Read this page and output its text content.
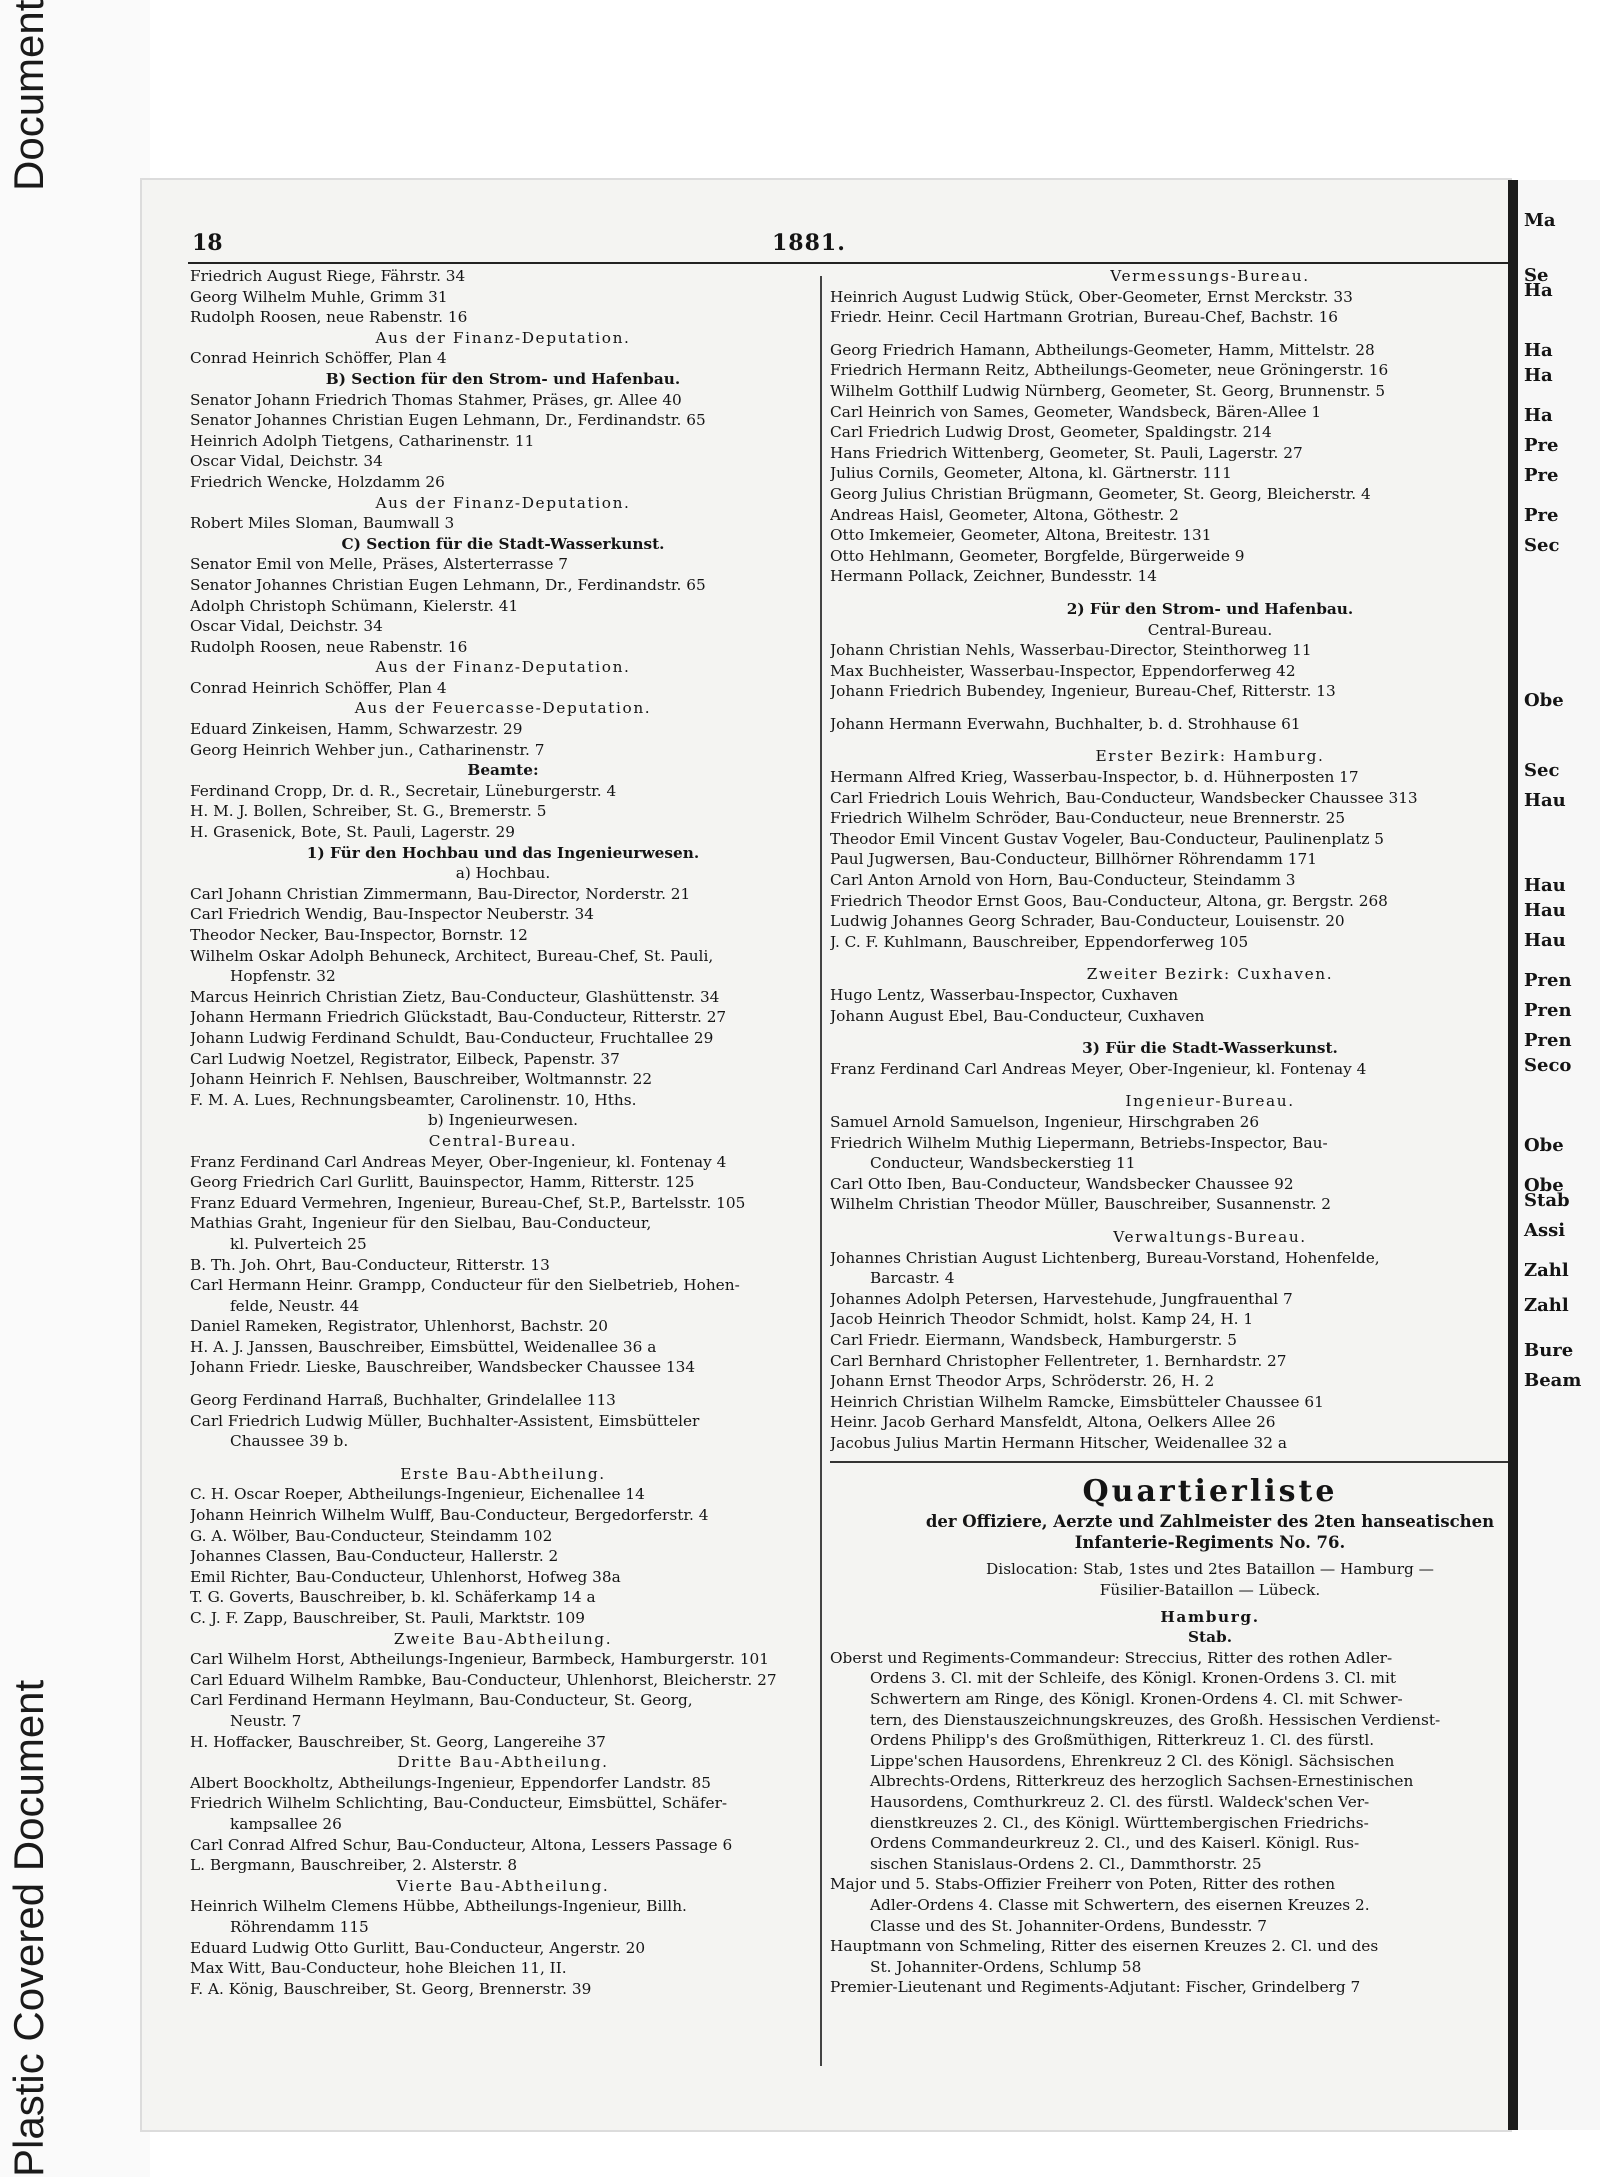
Plastic Covered Document
Document
18	1881.
Friedrich August Riege, Fährstr. 34
Georg Wilhelm Muhle, Grimm 31
Rudolph Roosen, neue Rabenstr. 16
Aus der Finanz-Deputation.
Conrad Heinrich Schöffer, Plan 4
B) Section für den Strom- und Hafenbau.
Senator Johann Friedrich Thomas Stahmer, Präses, gr. Allee 40
Senator Johannes Christian Eugen Lehmann, Dr., Ferdinandstr. 65
Heinrich Adolph Tietgens, Catharinenstr. 11
Oscar Vidal, Deichstr. 34
Friedrich Wencke, Holzdamm 26
Aus der Finanz-Deputation.
Robert Miles Sloman, Baumwall 3
C) Section für die Stadt-Wasserkunst.
Senator Emil von Melle, Präses, Alsterterrasse 7
Senator Johannes Christian Eugen Lehmann, Dr., Ferdinandstr. 65
Adolph Christoph Schümann, Kielerstr. 41
Oscar Vidal, Deichstr. 34
Rudolph Roosen, neue Rabenstr. 16
Aus der Finanz-Deputation.
Conrad Heinrich Schöffer, Plan 4
Aus der Feuercasse-Deputation.
Eduard Zinkeisen, Hamm, Schwarzestr. 29
Georg Heinrich Wehber jun., Catharinenstr. 7
Beamte:
Ferdinand Cropp, Dr. d. R., Secretair, Lüneburgerstr. 4
H. M. J. Bollen, Schreiber, St. G., Bremerstr. 5
H. Grasenick, Bote, St. Pauli, Lagerstr. 29
1) Für den Hochbau und das Ingenieurwesen.
a) Hochbau.
Carl Johann Christian Zimmermann, Bau-Director, Norderstr. 21
Carl Friedrich Wendig, Bau-Inspector Neuberstr. 34
Theodor Necker, Bau-Inspector, Bornstr. 12
Wilhelm Oskar Adolph Behuneck, Architect, Bureau-Chef, St. Pauli,
Hopfenstr. 32
Marcus Heinrich Christian Zietz, Bau-Conducteur, Glashüttenstr. 34
Johann Hermann Friedrich Glückstadt, Bau-Conducteur, Ritterstr. 27
Johann Ludwig Ferdinand Schuldt, Bau-Conducteur, Fruchtallee 29
Carl Ludwig Noetzel, Registrator, Eilbeck, Papenstr. 37
Johann Heinrich F. Nehlsen, Bauschreiber, Woltmannstr. 22
F. M. A. Lues, Rechnungsbeamter, Carolinenstr. 10, Hths.
b) Ingenieurwesen.
Central-Bureau.
Franz Ferdinand Carl Andreas Meyer, Ober-Ingenieur, kl. Fontenay 4
Georg Friedrich Carl Gurlitt, Bauinspector, Hamm, Ritterstr. 125
Franz Eduard Vermehren, Ingenieur, Bureau-Chef, St.P., Bartelsstr. 105
Mathias Graht, Ingenieur für den Sielbau, Bau-Conducteur,
kl. Pulverteich 25
B. Th. Joh. Ohrt, Bau-Conducteur, Ritterstr. 13
Carl Hermann Heinr. Grampp, Conducteur für den Sielbetrieb, Hohen-
felde, Neustr. 44
Daniel Rameken, Registrator, Uhlenhorst, Bachstr. 20
H. A. J. Janssen, Bauschreiber, Eimsbüttel, Weidenallee 36 a
Johann Friedr. Lieske, Bauschreiber, Wandsbecker Chaussee 134
Georg Ferdinand Harraß, Buchhalter, Grindelallee 113
Carl Friedrich Ludwig Müller, Buchhalter-Assistent, Eimsbütteler
Chaussee 39 b.
Erste Bau-Abtheilung.
C. H. Oscar Roeper, Abtheilungs-Ingenieur, Eichenallee 14
Johann Heinrich Wilhelm Wulff, Bau-Conducteur, Bergedorferstr. 4
G. A. Wölber, Bau-Conducteur, Steindamm 102
Johannes Classen, Bau-Conducteur, Hallerstr. 2
Emil Richter, Bau-Conducteur, Uhlenhorst, Hofweg 38a
T. G. Goverts, Bauschreiber, b. kl. Schäferkamp 14 a
C. J. F. Zapp, Bauschreiber, St. Pauli, Marktstr. 109
Zweite Bau-Abtheilung.
Carl Wilhelm Horst, Abtheilungs-Ingenieur, Barmbeck, Hamburgerstr. 101
Carl Eduard Wilhelm Rambke, Bau-Conducteur, Uhlenhorst, Bleicherstr. 27
Carl Ferdinand Hermann Heylmann, Bau-Conducteur, St. Georg,
Neustr. 7
H. Hoffacker, Bauschreiber, St. Georg, Langereihe 37
Dritte Bau-Abtheilung.
Albert Boockholtz, Abtheilungs-Ingenieur, Eppendorfer Landstr. 85
Friedrich Wilhelm Schlichting, Bau-Conducteur, Eimsbüttel, Schäfer-
kampsallee 26
Carl Conrad Alfred Schur, Bau-Conducteur, Altona, Lessers Passage 6
L. Bergmann, Bauschreiber, 2. Alsterstr. 8
Vierte Bau-Abtheilung.
Heinrich Wilhelm Clemens Hübbe, Abtheilungs-Ingenieur, Billh.
Röhrendamm 115
Eduard Ludwig Otto Gurlitt, Bau-Conducteur, Angerstr. 20
Max Witt, Bau-Conducteur, hohe Bleichen 11, II.
F. A. König, Bauschreiber, St. Georg, Brennerstr. 39
Vermessungs-Bureau.
Heinrich August Ludwig Stück, Ober-Geometer, Ernst Merckstr. 33
Friedr. Heinr. Cecil Hartmann Grotrian, Bureau-Chef, Bachstr. 16
Georg Friedrich Hamann, Abtheilungs-Geometer, Hamm, Mittelstr. 28
Friedrich Hermann Reitz, Abtheilungs-Geometer, neue Gröningerstr. 16
Wilhelm Gotthilf Ludwig Nürnberg, Geometer, St. Georg, Brunnenstr. 5
Carl Heinrich von Sames, Geometer, Wandsbeck, Bären-Allee 1
Carl Friedrich Ludwig Drost, Geometer, Spaldingstr. 214
Hans Friedrich Wittenberg, Geometer, St. Pauli, Lagerstr. 27
Julius Cornils, Geometer, Altona, kl. Gärtnerstr. 111
Georg Julius Christian Brügmann, Geometer, St. Georg, Bleicherstr. 4
Andreas Haisl, Geometer, Altona, Göthestr. 2
Otto Imkemeier, Geometer, Altona, Breitestr. 131
Otto Hehlmann, Geometer, Borgfelde, Bürgerweide 9
Hermann Pollack, Zeichner, Bundesstr. 14
2) Für den Strom- und Hafenbau.
Central-Bureau.
Johann Christian Nehls, Wasserbau-Director, Steinthorweg 11
Max Buchheister, Wasserbau-Inspector, Eppendorferweg 42
Johann Friedrich Bubendey, Ingenieur, Bureau-Chef, Ritterstr. 13
Johann Hermann Everwahn, Buchhalter, b. d. Strohhause 61
Erster Bezirk: Hamburg.
Hermann Alfred Krieg, Wasserbau-Inspector, b. d. Hühnerposten 17
Carl Friedrich Louis Wehrich, Bau-Conducteur, Wandsbecker Chaussee 313
Friedrich Wilhelm Schröder, Bau-Conducteur, neue Brennerstr. 25
Theodor Emil Vincent Gustav Vogeler, Bau-Conducteur, Paulinenplatz 5
Paul Jugwersen, Bau-Conducteur, Billhörner Röhrendamm 171
Carl Anton Arnold von Horn, Bau-Conducteur, Steindamm 3
Friedrich Theodor Ernst Goos, Bau-Conducteur, Altona, gr. Bergstr. 268
Ludwig Johannes Georg Schrader, Bau-Conducteur, Louisenstr. 20
J. C. F. Kuhlmann, Bauschreiber, Eppendorferweg 105
Zweiter Bezirk: Cuxhaven.
Hugo Lentz, Wasserbau-Inspector, Cuxhaven
Johann August Ebel, Bau-Conducteur, Cuxhaven
3) Für die Stadt-Wasserkunst.
Franz Ferdinand Carl Andreas Meyer, Ober-Ingenieur, kl. Fontenay 4
Ingenieur-Bureau.
Samuel Arnold Samuelson, Ingenieur, Hirschgraben 26
Friedrich Wilhelm Muthig Liepermann, Betriebs-Inspector, Bau-
Conducteur, Wandsbeckerstieg 11
Carl Otto Iben, Bau-Conducteur, Wandsbecker Chaussee 92
Wilhelm Christian Theodor Müller, Bauschreiber, Susannenstr. 2
Verwaltungs-Bureau.
Johannes Christian August Lichtenberg, Bureau-Vorstand, Hohenfelde,
Barcastr. 4
Johannes Adolph Petersen, Harvestehude, Jungfrauenthal 7
Jacob Heinrich Theodor Schmidt, holst. Kamp 24, H. 1
Carl Friedr. Eiermann, Wandsbeck, Hamburgerstr. 5
Carl Bernhard Christopher Fellentreter, 1. Bernhardstr. 27
Johann Ernst Theodor Arps, Schröderstr. 26, H. 2
Heinrich Christian Wilhelm Ramcke, Eimsbütteler Chaussee 61
Heinr. Jacob Gerhard Mansfeldt, Altona, Oelkers Allee 26
Jacobus Julius Martin Hermann Hitscher, Weidenallee 32 a
Quartierliste
der Offiziere, Aerzte und Zahlmeister des 2ten hanseatischen
Infanterie-Regiments No. 76.
Dislocation: Stab, 1stes und 2tes Bataillon — Hamburg —
Füsilier-Bataillon — Lübeck.
Hamburg.
Stab.
Oberst und Regiments-Commandeur: Streccius, Ritter des rothen Adler-
Ordens 3. Cl. mit der Schleife, des Königl. Kronen-Ordens 3. Cl. mit
Schwertern am Ringe, des Königl. Kronen-Ordens 4. Cl. mit Schwer-
tern, des Dienstauszeichnungskreuzes, des Großh. Hessischen Verdienst-
Ordens Philipp's des Großmüthigen, Ritterkreuz 1. Cl. des fürstl.
Lippe'schen Hausordens, Ehrenkreuz 2 Cl. des Königl. Sächsischen
Albrechts-Ordens, Ritterkreuz des herzoglich Sachsen-Ernestinischen
Hausordens, Comthurkreuz 2. Cl. des fürstl. Waldeck'schen Ver-
dienstkreuzes 2. Cl., des Königl. Württembergischen Friedrichs-
Ordens Commandeurkreuz 2. Cl., und des Kaiserl. Königl. Rus-
sischen Stanislaus-Ordens 2. Cl., Dammthorstr. 25
Major und 5. Stabs-Offizier Freiherr von Poten, Ritter des rothen
Adler-Ordens 4. Classe mit Schwertern, des eisernen Kreuzes 2.
Classe und des St. Johanniter-Ordens, Bundesstr. 7
Hauptmann von Schmeling, Ritter des eisernen Kreuzes 2. Cl. und des
St. Johanniter-Ordens, Schlump 58
Premier-Lieutenant und Regiments-Adjutant: Fischer, Grindelberg 7
Ma
Se
Ha
Ha
Ha
Ha
Pre
Pre
Pre
Sec
Obe
Sec
Hau
Hau
Hau
Hau
Pren
Pren
Pren
Seco
Obe
Obe
Stab
Assi
Zahl
Zahl
Bure
Beam
